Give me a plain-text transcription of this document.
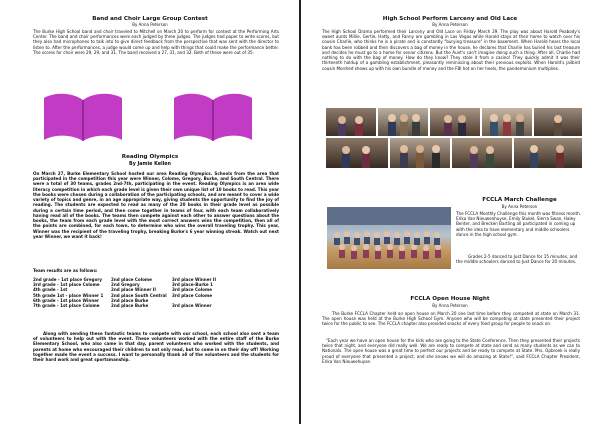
Band and Choir Large Group Contest
By Anna Peterson
The Burke High School band and choir traveled to Mitchell on March 20 to perform for contest at the Performing Arts Center. The band and choir performances were each judged by three judges. The judges had paper to write scores, but they also had microphones to talk into to give direct feedback from the perspective that was sent with the director to listen to. After the performances, a judge would come up and help with things that could make the performance better. The scores for choir were 29, 29, and 31. The band received a 27, 31, and 32. Both of these were out of 35.
Reading Olympics
By Jamie Kellen
On March 27, Burke Elementary School hosted our area Reading Olympics. Schools from the area that participated in the competition this year were Winner, Colome, Gregory, Burke, and South Central. There were a total of 30 teams, grades 2nd-7th, participating in the event. Reading Olympics is an area wide literacy competition in which each grade level is given their own unique list of 10 books to read. This year the books were chosen during a collaboration of the participating schools, and are meant to cover a wide variety of topics and genre, in an age appropriate way, giving students the opportunity to find the joy of reading. The students are expected to read as many of the 20 books in their grade level as possible during a certain time period, and then come together in teams of four, with each team collaboratively having read all of the books. The teams then compete against each other to answer questions about the books, the team from each grade level with the most correct answers wins the competition, then all of the points are combined, for each town, to determine who wins the overall traveling trophy. This year, Winner was the recipient of the traveling trophy, breaking Burke's 6 year winning streak. Watch out next year Winner, we want it back!
Team results are as follows:
2nd grade - 1st place Gregory	2nd place Colome	3rd place Winner II
3rd grade - 1st place Colome	2nd Gregory	3rd place-Burke 1
4th grade - 1st	2nd place Winner II	3rd place Colome
5th grade 1st - place Winner 1	2nd place South Central	3rd place Colome
6th grade - 1st place Winner	2nd place Burke
7th grade - 1st place Colome	2nd place Burke	3rd place Winner
Along with sending these fantastic teams to compete with our school, each school also sent a team of volunteers to help out with the event. These volunteers worked with the entire staff of the Burke Elementary School, who also came in that day, parent volunteers who worked with the students, and parents at home who encouraged their children to not only read, but to come in on their day off! Working together made the event a success. I want to personally thank all of the volunteers and the students for their hard work and great sportsmanship.
High School Perform Larceny and Old Lace
By Anna Peterson
The High School Drama performed their Larceny and Old Lace on Friday March 29. The play was about Harold Peabody's sweet aunts Millie, Gertie, Hatty, and Fanny are gambling in Las Vegas while Harold stays at their home to watch over his cousin Charlie, who thinks he is a pirate and is constantly "burying treasure" in the basement. When Harold hears the local bank has been robbed and then discovers a bag of money in the house, he declares that Charlie has buried his last treasure and decides he must go to a home for senior citizens. But the Aunt's can't imagine doing such a thing. After all, Charlie had nothing to do with the bag of money. How do they know? They stole it from a casino! They quickly admit it was their thirteenth holdup of a gambling establishment, pleasantly reminiscing about their previous exploits. When Harold's jailbird cousin Mordred shows up with his own bundle of money and the FBI hot on her heels, the pandemonium multiplies.
FCCLA March Challenge
By Anna Peterson
The FCCLA Monthly Challenge this month was fitness month. Erika Van Nieuwenhuyse, Emily Stukel, Sierra Swan, Haley Benter, and Brecken Bartling all participated in coming up with the idea to have elementary and middle schoolers dance in the high school gym.
Grades 2-5 danced to Just Dance for 15 minutes, and the middle schoolers danced to Just Dance for 20 minutes.
FCCLA Open House Night
By Anna Peterson
The Burke FCCLA Chapter held an open house on March 20 one last time before they competed at state on March 31. The open house was held at the Burke High School Gym. Anyone who will be competing at state presented their project twice for the public to see. The FCCLA chapter also provided snacks of every food group for people to snack on.
"Each year we have an open house for the kids who are going to the State Conference. Then they presented their projects twice that night, and everyone did really well. We are ready to compete at state and send as many students as we can to Nationals. The open house was a great time to perfect our projects and be ready to compete at State. Mrs. Opbroek is really proud of everyone that presented a project, and she knows we will do amazing at State!", said FCCLA Chapter President, Erika Van Nieuwehuyse.
